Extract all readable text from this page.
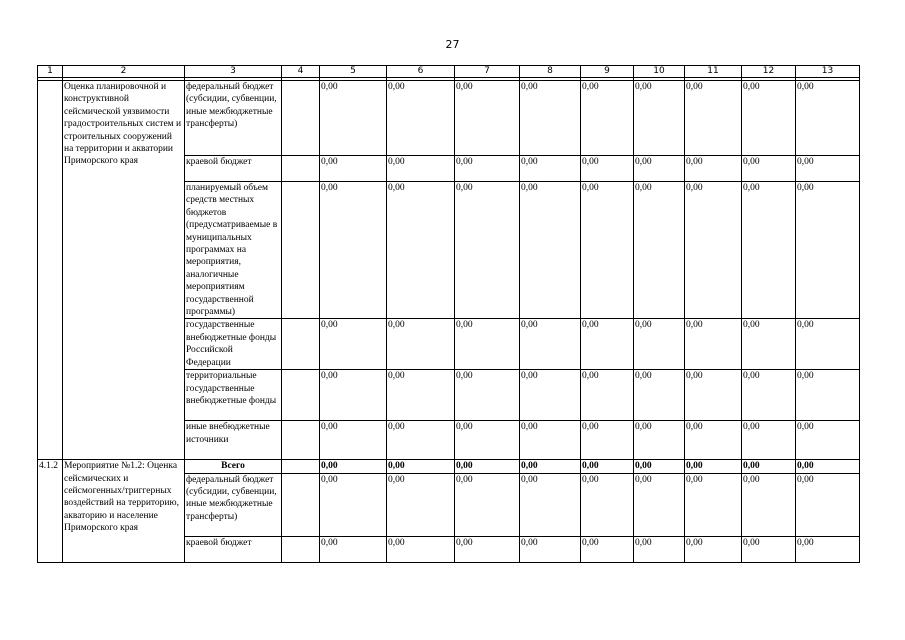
27
1	2	3	4	5	6	7	8	9	10	11	12	13

	Оценка планировочной и конструктивной сейсмической уязвимости градостроительных систем и строительных сооружений на территории и акватории Приморского края	федеральный бюджет (субсидии, субвенции, иные межбюджетные трансферты)		0,00	0,00	0,00	0,00	0,00	0,00	0,00	0,00	0,00
		краевой бюджет		0,00	0,00	0,00	0,00	0,00	0,00	0,00	0,00	0,00
		планируемый объем средств местных бюджетов (предусматриваемые в муниципальных программах на мероприятия, аналогичные мероприятиям государственной программы)		0,00	0,00	0,00	0,00	0,00	0,00	0,00	0,00	0,00
		государственные внебюджетные фонды Российской Федерации		0,00	0,00	0,00	0,00	0,00	0,00	0,00	0,00	0,00
		территориальные государственные внебюджетные фонды		0,00	0,00	0,00	0,00	0,00	0,00	0,00	0,00	0,00
		иные внебюджетные источники		0,00	0,00	0,00	0,00	0,00	0,00	0,00	0,00	0,00
4.1.2	Мероприятие №1.2: Оценка сейсмических и сейсмогенных/триггерных воздействий на территорию, акваторию и население Приморского края	Всего		0,00	0,00	0,00	0,00	0,00	0,00	0,00	0,00	0,00
		федеральный бюджет (субсидии, субвенции, иные межбюджетные трансферты)		0,00	0,00	0,00	0,00	0,00	0,00	0,00	0,00	0,00
		краевой бюджет		0,00	0,00	0,00	0,00	0,00	0,00	0,00	0,00	0,00
